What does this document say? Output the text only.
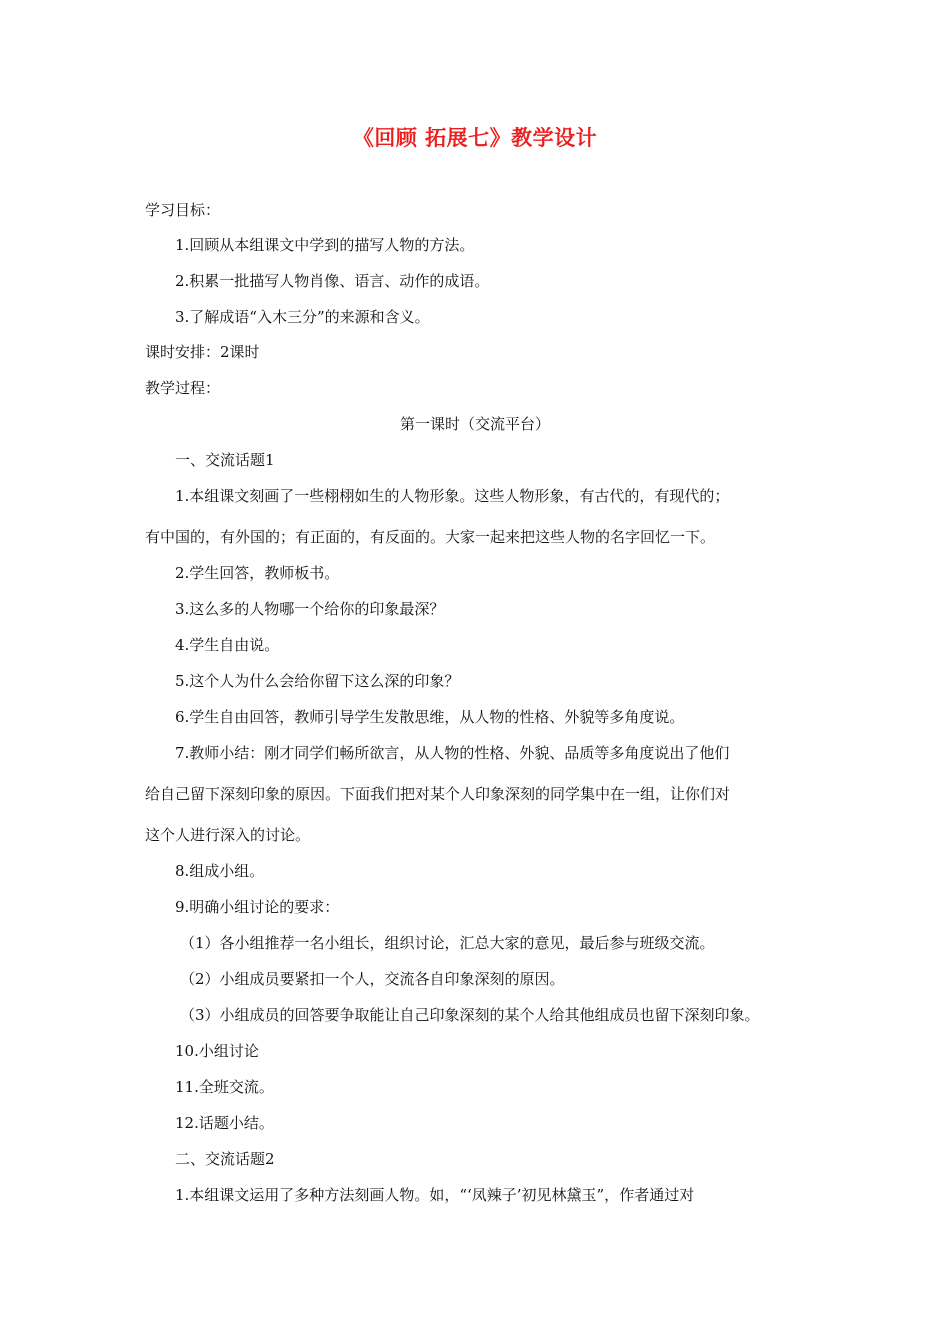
《回顾 拓展七》教学设计

学习目标：

1.回顾从本组课文中学到的描写人物的方法。

2.积累一批描写人物肖像、语言、动作的成语。

3.了解成语“入木三分”的来源和含义。

课时安排：2课时

教学过程：

第一课时（交流平台）

一、交流话题1

1.本组课文刻画了一些栩栩如生的人物形象。这些人物形象，有古代的，有现代的；

有中国的，有外国的；有正面的，有反面的。大家一起来把这些人物的名字回忆一下。

2.学生回答，教师板书。

3.这么多的人物哪一个给你的印象最深？

4.学生自由说。

5.这个人为什么会给你留下这么深的印象？

6.学生自由回答，教师引导学生发散思维，从人物的性格、外貌等多角度说。

7.教师小结：刚才同学们畅所欲言，从人物的性格、外貌、品质等多角度说出了他们

给自己留下深刻印象的原因。下面我们把对某个人印象深刻的同学集中在一组，让你们对

这个人进行深入的讨论。

8.组成小组。

9.明确小组讨论的要求：

（1）各小组推荐一名小组长，组织讨论，汇总大家的意见，最后参与班级交流。

（2）小组成员要紧扣一个人，交流各自印象深刻的原因。

（3）小组成员的回答要争取能让自己印象深刻的某个人给其他组成员也留下深刻印象。

10.小组讨论

11.全班交流。

12.话题小结。

二、交流话题2

1.本组课文运用了多种方法刻画人物。如，“‘凤辣子’初见林黛玉”，作者通过对
